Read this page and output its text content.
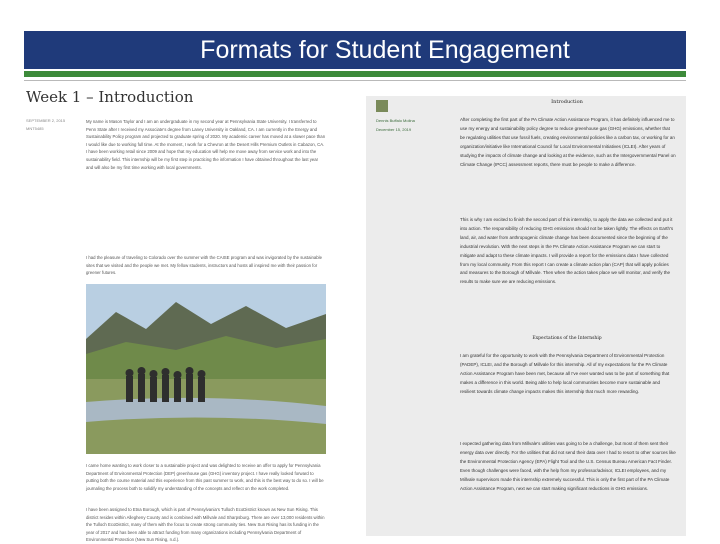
Formats for Student Engagement
Week 1 – Introduction
SEPTEMBER 2, 2015
MNT5485

My name is Mason Taylor and I am an undergraduate in my second year at Pennsylvania State University. I transferred to Penn State after I received my Associate's degree from Laney University in Oakland, CA. I am currently in the Energy and Sustainability Policy program and projected to graduate spring of 2020. My academic career has moved at a slower pace than I would like due to working full time. At the moment, I work for a Chevron at the Desert Hills Premium Outlets in Cabazon, CA. I have been working retail since 2009 and hope that my education will help me move away from service work and into the sustainability field. This internship will be my first step in practicing the information I have obtained throughout the last year and will also be my first time working with local governments.

I had the pleasure of traveling to Colorado over the summer with the CAISE program and was invigorated by the sustainable sites that we visited and the people we met. My fellow students, instructors and hosts all inspired me with their passion for greener futures.

I came home wanting to work closer to a sustainable project and was delighted to receive an offer to apply for Pennsylvania Department of Environmental Protection (DEP) greenhouse gas (GHG) inventory project. I have really looked forward to putting both the course material and this experience from this past summer to work, and this is the best way to do so. I will be journaling the process both to solidify my understanding of the concepts and reflect on the work completed.

I have been assigned to Etna Borough, which is part of Pennsylvania's Tulloch EcoDistrict known as New Sun Rising. This district resides within Allegheny County and is combined with Millvale and Sharpsburg. There are over 13,000 residents within the Tulloch EcoDistrict, many of them with the focus to create strong community ties. New Sun Rising has its funding in the year of 2017 and has been able to attract funding from many organizations including Pennsylvania Department of Environmental Protection (New Sun Rising, n.d.).

Dennis Buffalo Molina
December 15, 2019
Introduction

After completing the first part of the PA Climate Action Assistance Program, it has definitely influenced me to use my energy and sustainability policy degree to reduce greenhouse gas (GHG) emissions, whether that be regulating utilities that use fossil fuels, creating environmental policies like a carbon tax, or working for an organization/initiative like International Council for Local Environmental Initiatives (ICLEI). After years of studying the impacts of climate change and looking at the evidence, such as the Intergovernmental Panel on Climate Change (IPCC) assessment reports, there must be people to make a difference.

This is why I am excited to finish the second part of this internship, to apply the data we collected and put it into action. The responsibility of reducing GHG emissions should not be taken lightly. The effects on Earth's land, air, and water from anthropogenic climate change has been documented since the beginning of the industrial revolution. With the next steps in the PA Climate Action Assistance Program we can start to mitigate and adapt to these climate impacts. I will provide a report for the emissions data I have collected from my local community. From this report I can create a climate action plan (CAP) that will apply policies and measures to the Borough of Millvale. Then when the action takes place we will monitor, and verify the results to make sure we are reducing emissions.

Expectations of the Internship

I am grateful for the opportunity to work with the Pennsylvania Department of Environmental Protection (PADEP), ICLEI, and the Borough of Millvale for this internship. All of my expectations for the PA Climate Action Assistance Program have been met, because all I've ever wanted was to be part of something that makes a difference in this world. Being able to help local communities become more sustainable and resilient towards climate change impacts makes this internship that much more rewarding.

I expected gathering data from Millvale's utilities was going to be a challenge, but most of them sent their energy data over directly. For the utilities that did not send their data over I had to resort to other sources like the Environmental Protection Agency (EPA) Flight Tool and the U.S. Census Bureau American Fact Finder. Even though challenges were faced, with the help from my professor/advisor, ICLEI employees, and my Millvale supervisors made this internship extremely successful. This is only the first part of the PA Climate Action Assistance Program, next we can start making significant reductions in GHG emissions.
